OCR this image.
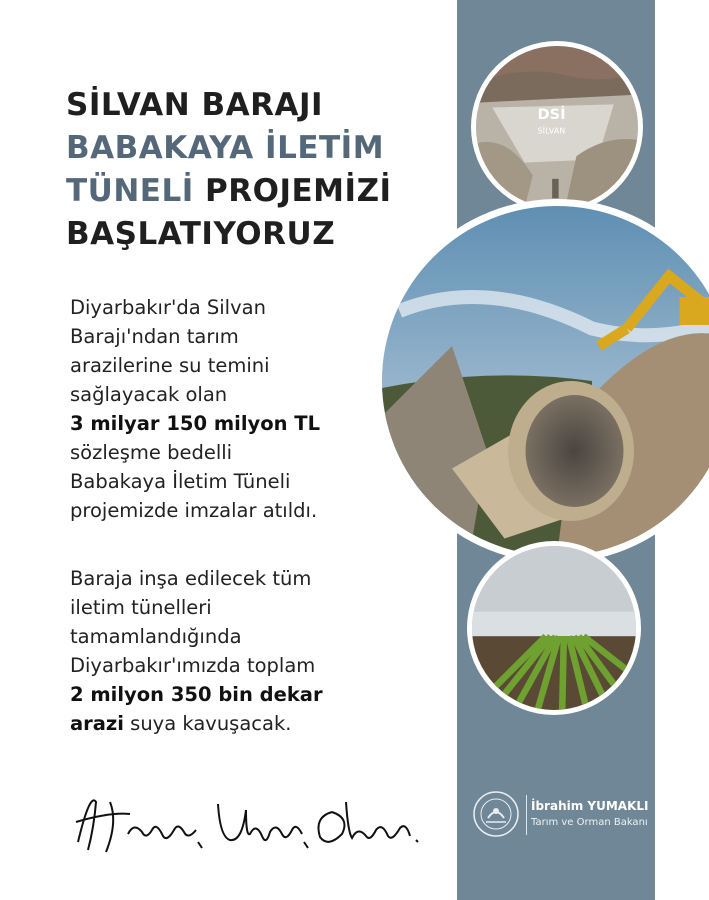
SİLVAN BARAJI
BABAKAYA İLETİM
TÜNELİ PROJEMİZİ
BAŞLATIYORUZ
Diyarbakır'da Silvan
Barajı'ndan tarım
arazilerine su temini
sağlayacak olan
3 milyar 150 milyon TL
sözleşme bedelli
Babakaya İletim Tüneli
projemizde imzalar atıldı.
Baraja inşa edilecek tüm
iletim tünelleri
tamamlandığında
Diyarbakır'ımızda toplam
2 milyon 350 bin dekar
arazi suya kavuşacak.
DSİ
SİLVAN
İbrahim YUMAKLI
Tarım ve Orman Bakanı
